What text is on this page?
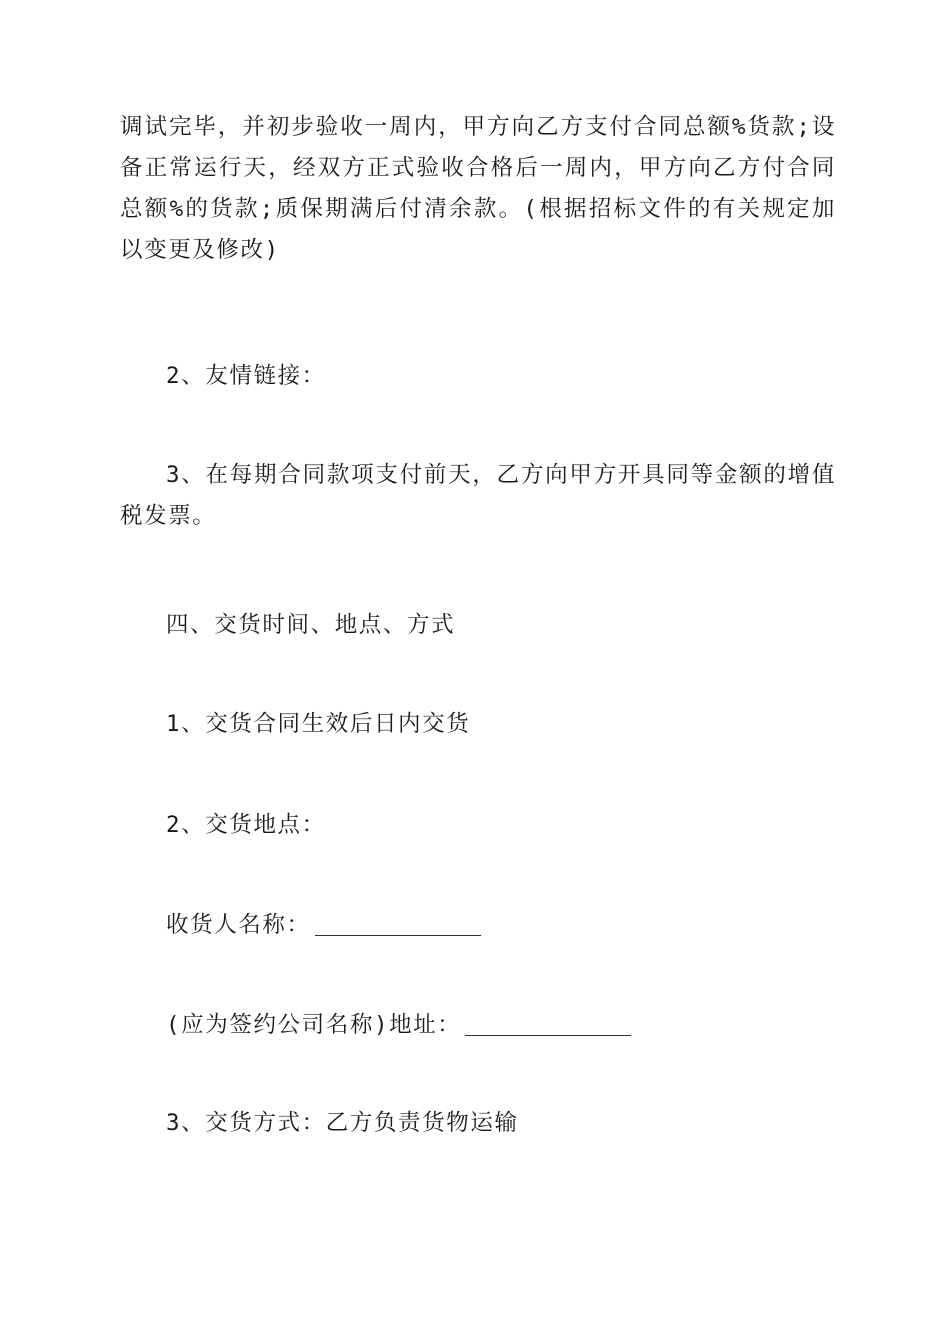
调试完毕，并初步验收一周内，甲方向乙方支付合同总额%货款;设备正常运行天，经双方正式验收合格后一周内，甲方向乙方付合同总额%的货款;质保期满后付清余款。(根据招标文件的有关规定加以变更及修改)
2、友情链接：
3、在每期合同款项支付前天，乙方向甲方开具同等金额的增值税发票。
四、交货时间、地点、方式
1、交货合同生效后日内交货
2、交货地点：
收货人名称：
(应为签约公司名称)地址：
3、交货方式：乙方负责货物运输
